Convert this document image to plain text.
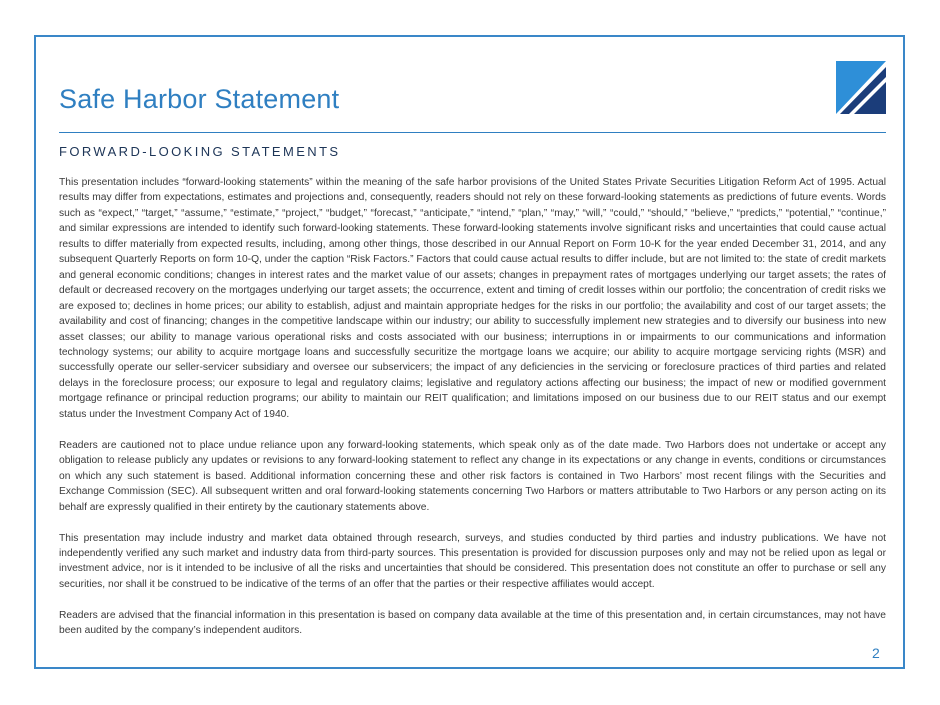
Safe Harbor Statement
FORWARD-LOOKING STATEMENTS

This presentation includes “forward-looking statements” within the meaning of the safe harbor provisions of the United States Private Securities Litigation Reform Act of 1995. Actual results may differ from expectations, estimates and projections and, consequently, readers should not rely on these forward-looking statements as predictions of future events. Words such as “expect,” “target,” “assume,” “estimate,” “project,” “budget,” “forecast,” “anticipate,” “intend,” “plan,” “may,” “will,” “could,” “should,” “believe,” “predicts,” “potential,” “continue,” and similar expressions are intended to identify such forward-looking statements. These forward-looking statements involve significant risks and uncertainties that could cause actual results to differ materially from expected results, including, among other things, those described in our Annual Report on Form 10-K for the year ended December 31, 2014, and any subsequent Quarterly Reports on form 10-Q, under the caption “Risk Factors.” Factors that could cause actual results to differ include, but are not limited to: the state of credit markets and general economic conditions; changes in interest rates and the market value of our assets; changes in prepayment rates of mortgages underlying our target assets; the rates of default or decreased recovery on the mortgages underlying our target assets; the occurrence, extent and timing of credit losses within our portfolio; the concentration of credit risks we are exposed to; declines in home prices; our ability to establish, adjust and maintain appropriate hedges for the risks in our portfolio; the availability and cost of our target assets; the availability and cost of financing; changes in the competitive landscape within our industry; our ability to successfully implement new strategies and to diversify our business into new asset classes; our ability to manage various operational risks and costs associated with our business; interruptions in or impairments to our communications and information technology systems; our ability to acquire mortgage loans and successfully securitize the mortgage loans we acquire; our ability to acquire mortgage servicing rights (MSR) and successfully operate our seller-servicer subsidiary and oversee our subservicers; the impact of any deficiencies in the servicing or foreclosure practices of third parties and related delays in the foreclosure process; our exposure to legal and regulatory claims; legislative and regulatory actions affecting our business; the impact of new or modified government mortgage refinance or principal reduction programs; our ability to maintain our REIT qualification; and limitations imposed on our business due to our REIT status and our exempt status under the Investment Company Act of 1940.

Readers are cautioned not to place undue reliance upon any forward-looking statements, which speak only as of the date made. Two Harbors does not undertake or accept any obligation to release publicly any updates or revisions to any forward-looking statement to reflect any change in its expectations or any change in events, conditions or circumstances on which any such statement is based. Additional information concerning these and other risk factors is contained in Two Harbors’ most recent filings with the Securities and Exchange Commission (SEC). All subsequent written and oral forward-looking statements concerning Two Harbors or matters attributable to Two Harbors or any person acting on its behalf are expressly qualified in their entirety by the cautionary statements above.

This presentation may include industry and market data obtained through research, surveys, and studies conducted by third parties and industry publications. We have not independently verified any such market and industry data from third-party sources. This presentation is provided for discussion purposes only and may not be relied upon as legal or investment advice, nor is it intended to be inclusive of all the risks and uncertainties that should be considered. This presentation does not constitute an offer to purchase or sell any securities, nor shall it be construed to be indicative of the terms of an offer that the parties or their respective affiliates would accept.

Readers are advised that the financial information in this presentation is based on company data available at the time of this presentation and, in certain circumstances, may not have been audited by the company’s independent auditors.

2
